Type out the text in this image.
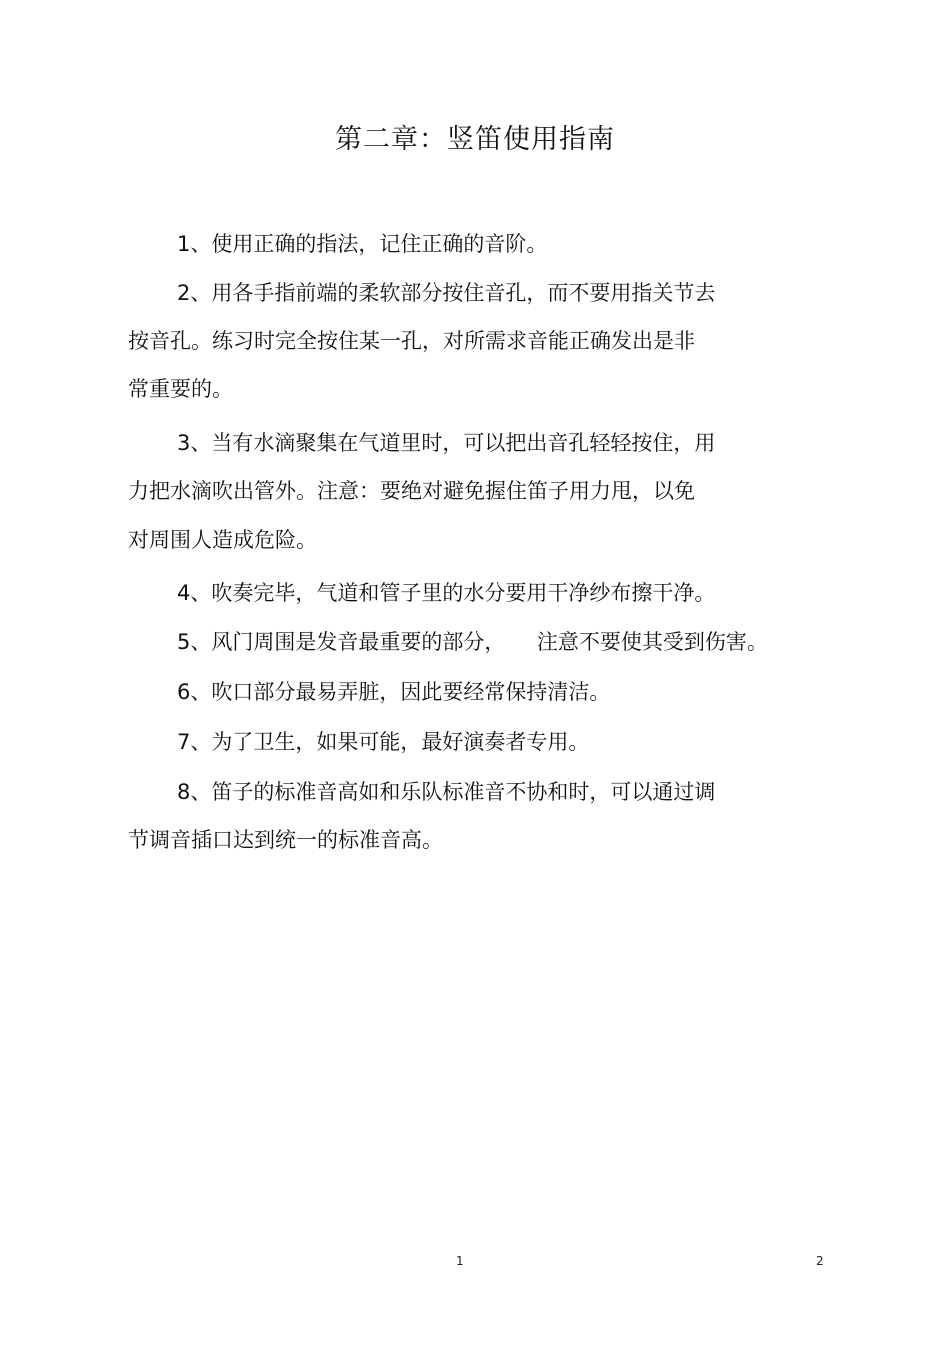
第二章：竖笛使用指南
1、使用正确的指法，记住正确的音阶。
2、用各手指前端的柔软部分按住音孔，而不要用指关节去
按音孔。练习时完全按住某一孔，对所需求音能正确发出是非
常重要的。
3、当有水滴聚集在气道里时，可以把出音孔轻轻按住，用
力把水滴吹出管外。注意：要绝对避免握住笛子用力甩，以免
对周围人造成危险。
4、吹奏完毕，气道和管子里的水分要用干净纱布擦干净。
5、风门周围是发音最重要的部分，　　注意不要使其受到伤害。
6、吹口部分最易弄脏，因此要经常保持清洁。
7、为了卫生，如果可能，最好演奏者专用。
8、笛子的标准音高如和乐队标准音不协和时，可以通过调
节调音插口达到统一的标准音高。
1	2
